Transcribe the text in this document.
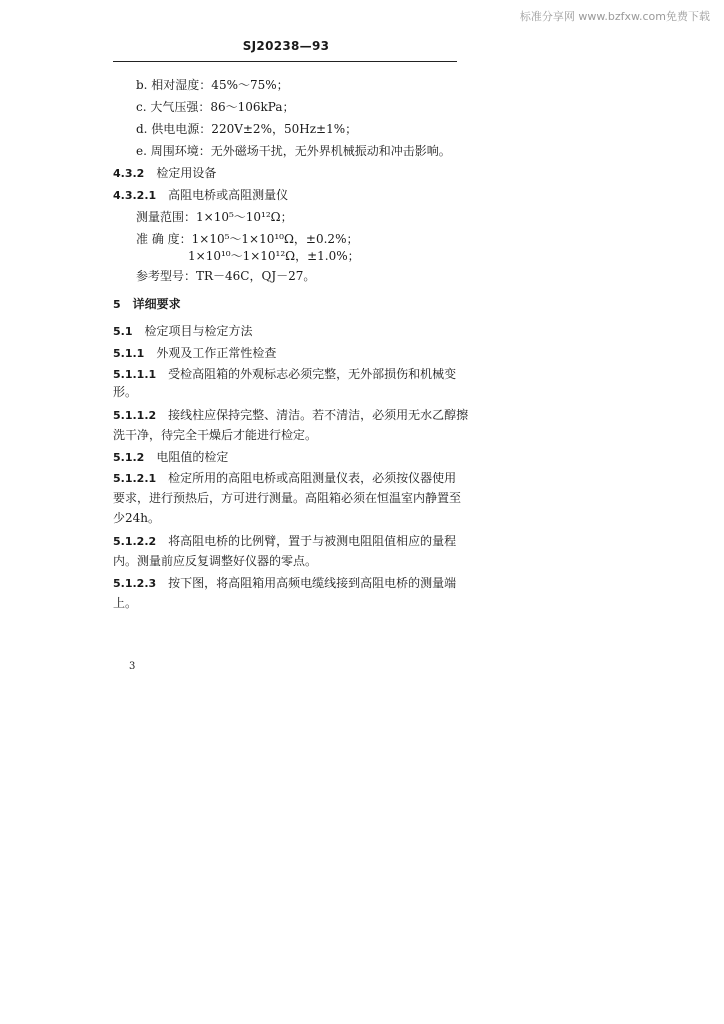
标准分享网 www.bzfxw.com免费下载
SJ20238—93
b. 相对湿度：45%～75%；
c. 大气压强：86～106kPa；
d. 供电电源：220V±2%，50Hz±1%；
e. 周围环境：无外磁场干扰，无外界机械振动和冲击影响。
4.3.2 检定用设备
4.3.2.1 高阻电桥或高阻测量仪
测量范围：1×10⁵～10¹²Ω；
准 确 度：1×10⁵～1×10¹⁰Ω，±0.2%；
1×10¹⁰～1×10¹²Ω，±1.0%；
参考型号：TR－46C，QJ－27。
5 详细要求
5.1 检定项目与检定方法
5.1.1 外观及工作正常性检查
5.1.1.1 受检高阻箱的外观标志必须完整，无外部损伤和机械变
形。
5.1.1.2 接线柱应保持完整、清洁。若不清洁，必须用无水乙醇擦
洗干净，待完全干燥后才能进行检定。
5.1.2 电阻值的检定
5.1.2.1 检定所用的高阻电桥或高阻测量仪表，必须按仪器使用
要求，进行预热后，方可进行测量。高阻箱必须在恒温室内静置至
少24h。
5.1.2.2 将高阻电桥的比例臂，置于与被测电阻阻值相应的量程
内。测量前应反复调整好仪器的零点。
5.1.2.3 按下图，将高阻箱用高频电缆线接到高阻电桥的测量端
上。
3
